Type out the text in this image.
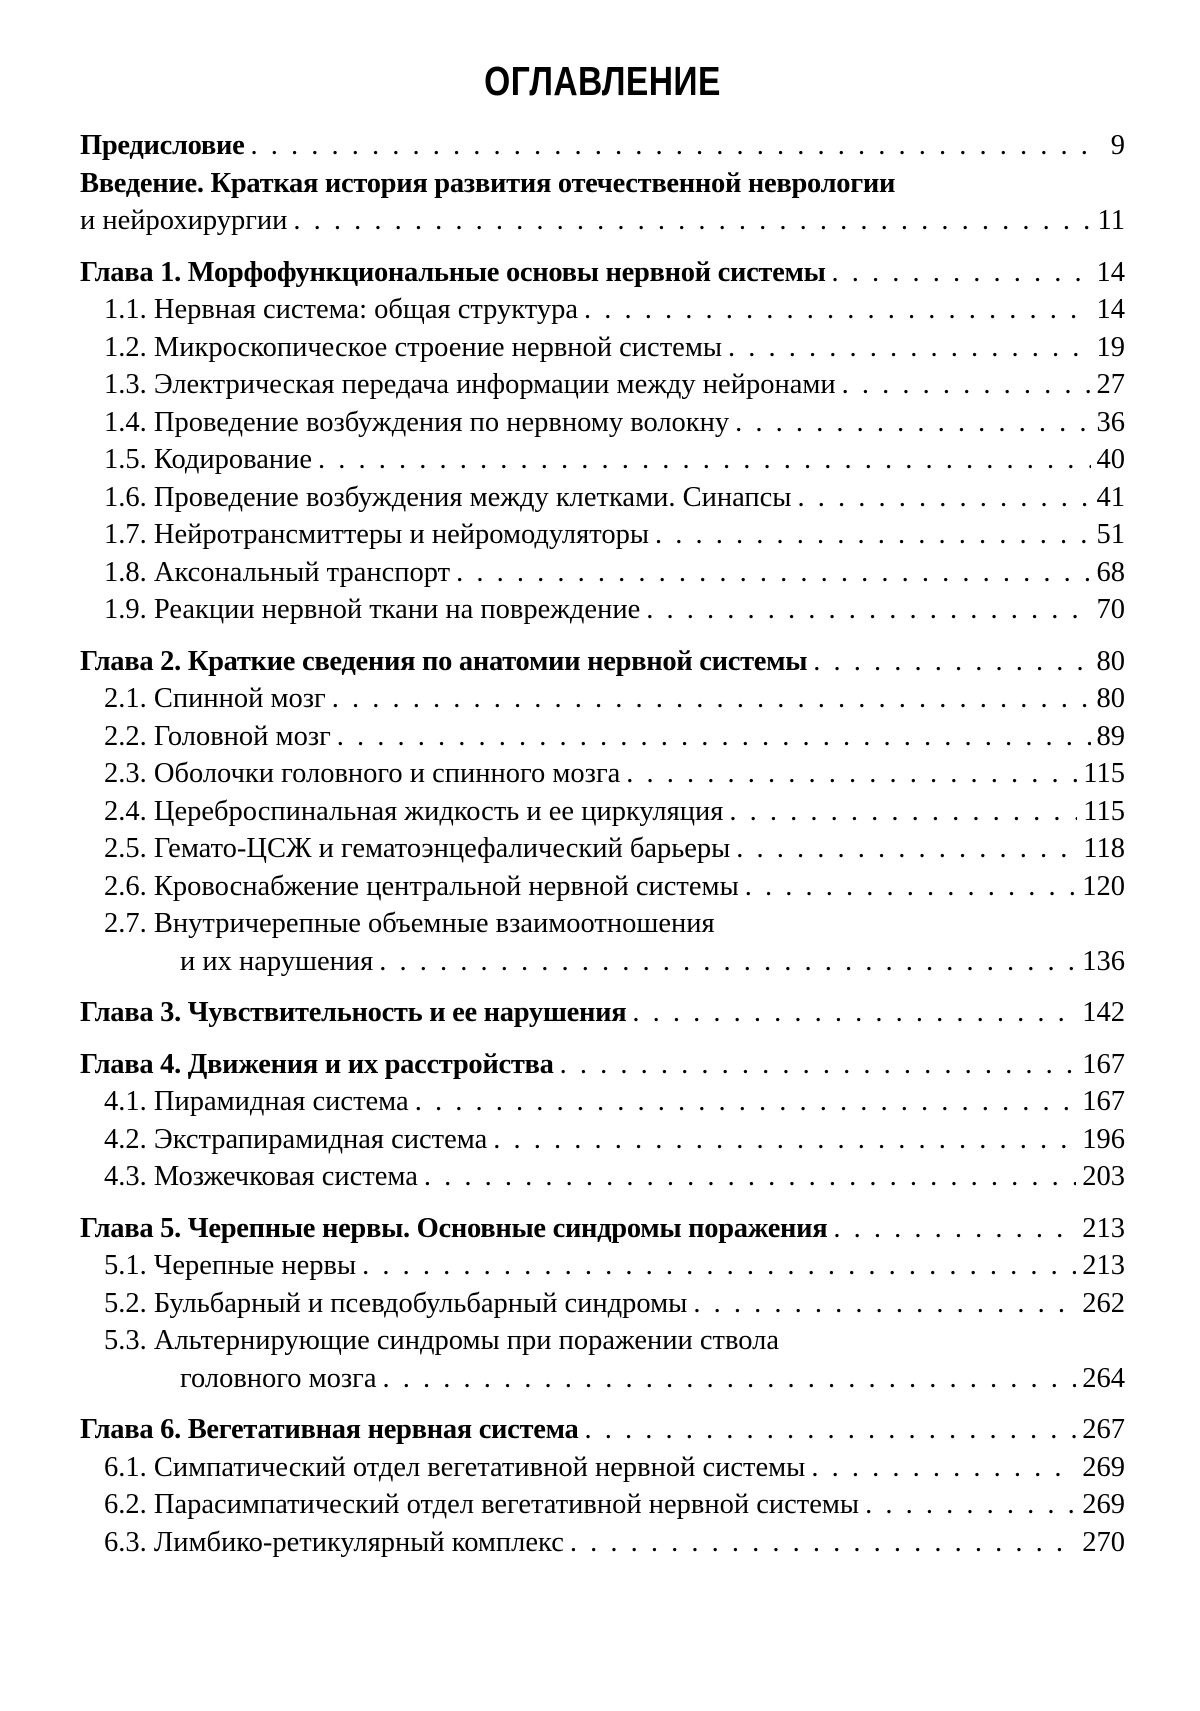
ОГЛАВЛЕНИЕ
Предисловие . . .	9
Введение. Краткая история развития отечественной неврологии
и нейрохирургии . . .	11
Глава 1. Морфофункциональные основы нервной системы . . .	14
1.1. Нервная система: общая структура . . .	14
1.2. Микроскопическое строение нервной системы . . .	19
1.3. Электрическая передача информации между нейронами . . .	27
1.4. Проведение возбуждения по нервному волокну . . .	36
1.5. Кодирование . . .	40
1.6. Проведение возбуждения между клетками. Синапсы . . .	41
1.7. Нейротрансмиттеры и нейромодуляторы . . .	51
1.8. Аксональный транспорт . . .	68
1.9. Реакции нервной ткани на повреждение . . .	70
Глава 2. Краткие сведения по анатомии нервной системы . . .	80
2.1. Спинной мозг . . .	80
2.2. Головной мозг . . .	89
2.3. Оболочки головного и спинного мозга . . .	115
2.4. Цереброспинальная жидкость и ее циркуляция . . .	115
2.5. Гемато-ЦСЖ и гематоэнцефалический барьеры . . .	118
2.6. Кровоснабжение центральной нервной системы . . .	120
2.7. Внутричерепные объемные взаимоотношения
и их нарушения . . .	136
Глава 3. Чувствительность и ее нарушения . . .	142
Глава 4. Движения и их расстройства . . .	167
4.1. Пирамидная система . . .	167
4.2. Экстрапирамидная система . . .	196
4.3. Мозжечковая система . . .	203
Глава 5. Черепные нервы. Основные синдромы поражения . . .	213
5.1. Черепные нервы . . .	213
5.2. Бульбарный и псевдобульбарный синдромы . . .	262
5.3. Альтернирующие синдромы при поражении ствола
головного мозга . . .	264
Глава 6. Вегетативная нервная система . . .	267
6.1. Симпатический отдел вегетативной нервной системы . . .	269
6.2. Парасимпатический отдел вегетативной нервной системы . . .	269
6.3. Лимбико-ретикулярный комплекс . . .	270
